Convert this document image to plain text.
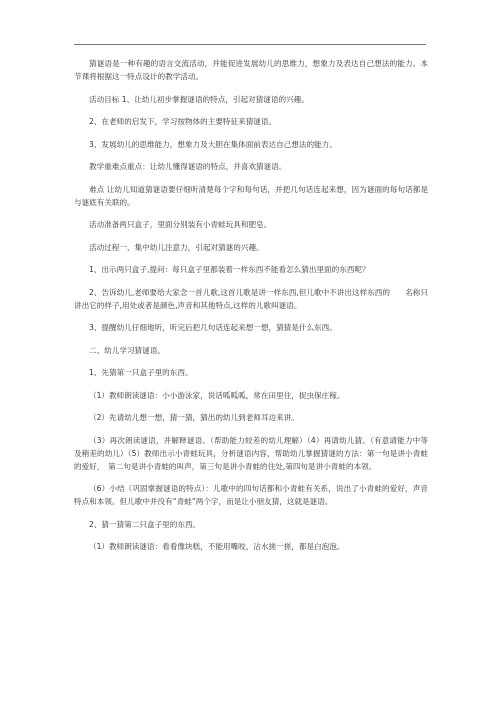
猜谜语是一种有趣的语言交流活动，并能促进发展幼儿的思维力，想象力及表达自己想法的能力。本节课将根据这一特点设计的教学活动。

活动目标 1、让幼儿初步掌握谜语的特点，引起对猜谜语的兴趣。

2、在老师的启发下，学习按物体的主要特征来猜谜语。

3、发展幼儿的思维能力，想象力及大胆在集体面前表达自己想法的能力。

教学重难点重点：让幼儿懂得谜语的特点，并喜欢猜谜语。

难点 让幼儿知道猜谜语要仔细听清楚每个字和每句话，并把几句话连起来想，因为谜面的每句话都是与谜底有关联的。

活动准备两只盒子，里面分别装有小青蛙玩具和肥皂。

活动过程一、集中幼儿注意力，引起对猜谜的兴趣。

1、出示两只盒子,提问：每只盒子里都装着一样东西不能看怎么猜出里面的东西呢？

2、告诉幼儿,老师要给大家念一首儿歌,这首儿歌是讲一样东西,但儿歌中不讲出这样东西的　　名称只讲出它的样子,用处或者是颜色,声音和其他特点,这样的儿歌叫谜语。

3、提醒幼儿仔细地听，听完后把几句话连起来想一想，猜猜是什么东西。

二、幼儿学习猜谜语。

1、先猜第一只盒子里的东西。

（1）教师朗读谜语：小小游泳家，说话呱呱呱，常在田里住，捉虫保庄稼。

（2）先请幼儿想一想，猜一猜，猜出的幼儿到老师耳边来讲。

（3）再次朗读谜语，并解释谜语。（帮助能力较差的幼儿理解）（4）再请幼儿猜。（有意请能力中等及稍差的幼儿）（5）教师出示小青蛙玩具，分析谜语内容，帮助幼儿掌握猜谜的方法：第一句是讲小青蛙的爱好，　第二句是讲小青蛙的叫声，第三句是讲小青蛙的住处,第四句是讲小青蛙的本领。

（6）小结（巩固掌握谜语的特点）：儿歌中的四句话都和小青蛙有关系，说出了小青蛙的爱好，声音特点和本领。但儿歌中并没有“青蛙”两个字，而是让小朋友猜，这就是谜语。

2、猜一猜第二只盒子里的东西。

（1）教师朗读谜语：看看像块糕，不能用嘴咬，沾水搓一搓，都是白泡泡。
